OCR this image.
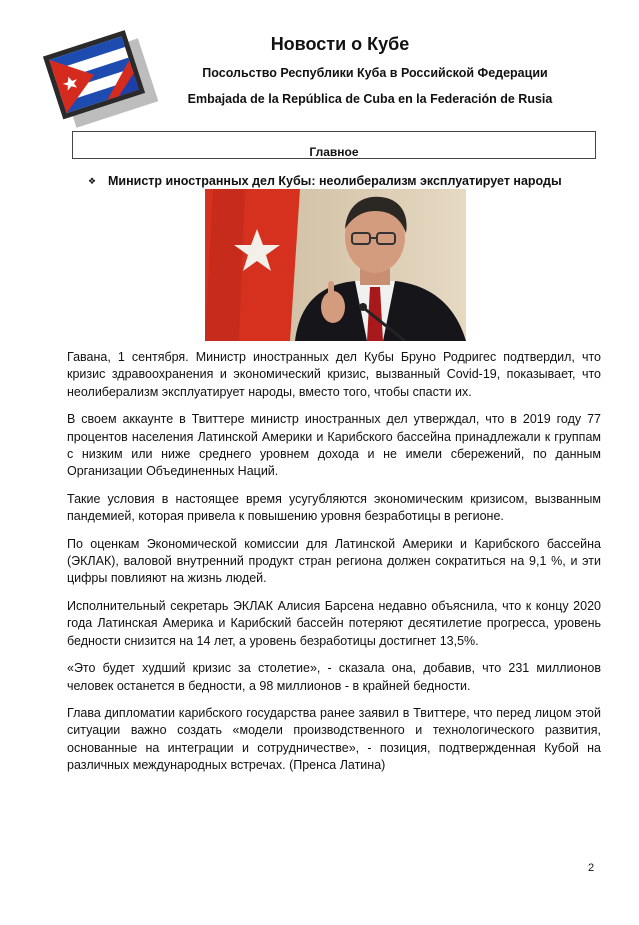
Новости о Кубе
Посольство Республики Куба в Российской Федерации
Embajada de la República de Cuba en la Federación de Rusia
Главное
❖ Министр иностранных дел Кубы: неолиберализм эксплуатирует народы

Гавана, 1 сентября. Министр иностранных дел Кубы Бруно Родригес подтвердил, что кризис здравоохранения и экономический кризис, вызванный Covid-19, показывает, что неолиберализм эксплуатирует народы, вместо того, чтобы спасти их.

В своем аккаунте в Твиттере министр иностранных дел утверждал, что в 2019 году 77 процентов населения Латинской Америки и Карибского бассейна принадлежали к группам с низким или ниже среднего уровнем дохода и не имели сбережений, по данным Организации Объединенных Наций.

Такие условия в настоящее время усугубляются экономическим кризисом, вызванным пандемией, которая привела к повышению уровня безработицы в регионе.

По оценкам Экономической комиссии для Латинской Америки и Карибского бассейна (ЭКЛАК), валовой внутренний продукт стран региона должен сократиться на 9,1 %, и эти цифры повлияют на жизнь людей.

Исполнительный секретарь ЭКЛАК Алисия Барсена недавно объяснила, что к концу 2020 года Латинская Америка и Карибский бассейн потеряют десятилетие прогресса, уровень бедности снизится на 14 лет, а уровень безработицы достигнет 13,5%.

«Это будет худший кризис за столетие», - сказала она, добавив, что 231 миллионов человек останется в бедности, а 98 миллионов - в крайней бедности.

Глава дипломатии карибского государства ранее заявил в Твиттере, что перед лицом этой ситуации важно создать «модели производственного и технологического развития, основанные на интеграции и сотрудничестве», - позиция, подтвержденная Кубой на различных международных встречах. (Пренса Латина)

2
